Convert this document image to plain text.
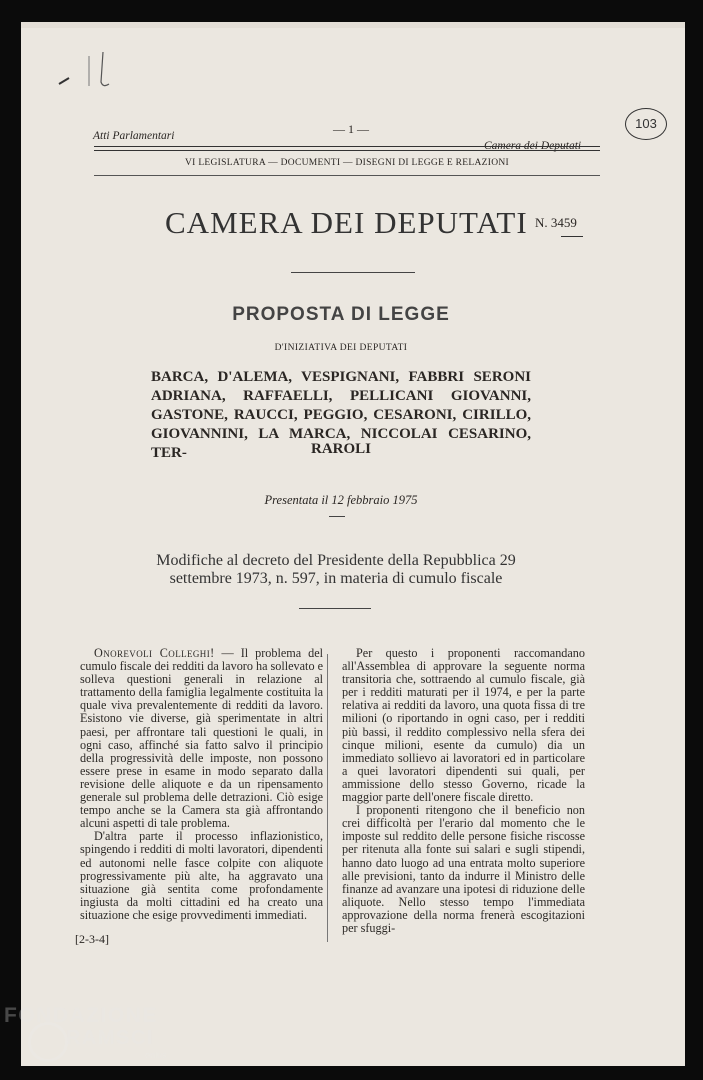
103
Atti Parlamentari	— 1 —
Camera dei Deputati
VI LEGISLATURA — DOCUMENTI — DISEGNI DI LEGGE E RELAZIONI
CAMERA DEI DEPUTATI N. 3459
PROPOSTA DI LEGGE
D'INIZIATIVA DEI DEPUTATI
BARCA, D'ALEMA, VESPIGNANI, FABBRI SERONI ADRIANA, RAFFAELLI, PELLICANI GIOVANNI, GASTONE, RAUCCI, PEGGIO, CESARONI, CIRILLO, GIOVANNINI, LA MARCA, NICCOLAI CESARINO, TER-	RAROLI
Presentata il 12 febbraio 1975
Modifiche al decreto del Presidente della Repubblica 29 settembre 1973, n. 597, in materia di cumulo fiscale

Onorevoli Colleghi! — Il problema del cumulo fiscale dei redditi da lavoro ha sollevato e solleva questioni generali in relazione al trattamento della famiglia legalmente costituita la quale viva prevalentemente di redditi da lavoro. Esistono vie diverse, già sperimentate in altri paesi, per affrontare tali questioni le quali, in ogni caso, affinché sia fatto salvo il principio della progressività delle imposte, non possono essere prese in esame in modo separato dalla revisione delle aliquote e da un ripensamento generale sul problema delle detrazioni. Ciò esige tempo anche se la Camera sta già affrontando alcuni aspetti di tale problema.

D'altra parte il processo inflazionistico, spingendo i redditi di molti lavoratori, dipendenti ed autonomi nelle fasce colpite con aliquote progressivamente più alte, ha aggravato una situazione già sentita come profondamente ingiusta da molti cittadini ed ha creato una situazione che esige provvedimenti immediati.

Per questo i proponenti raccomandano all'Assemblea di approvare la seguente norma transitoria che, sottraendo al cumulo fiscale, già per i redditi maturati per il 1974, e per la parte relativa ai redditi da lavoro, una quota fissa di tre milioni (o riportando in ogni caso, per i redditi più bassi, il reddito complessivo nella sfera dei cinque milioni, esente da cumulo) dia un immediato sollievo ai lavoratori ed in particolare a quei lavoratori dipendenti sui quali, per ammissione dello stesso Governo, ricade la maggior parte dell'onere fiscale diretto.

I proponenti ritengono che il beneficio non crei difficoltà per l'erario dal momento che le imposte sul reddito delle persone fisiche riscosse per ritenuta alla fonte sui salari e sugli stipendi, hanno dato luogo ad una entrata molto superiore alle previsioni, tanto da indurre il Ministro delle finanze ad avanzare una ipotesi di riduzione delle aliquote. Nello stesso tempo l'immediata approvazione della norma frenerà escogitazioni per sfuggi-

[2-3-4]
FONDAZIONE
RAMSCI
onlus
